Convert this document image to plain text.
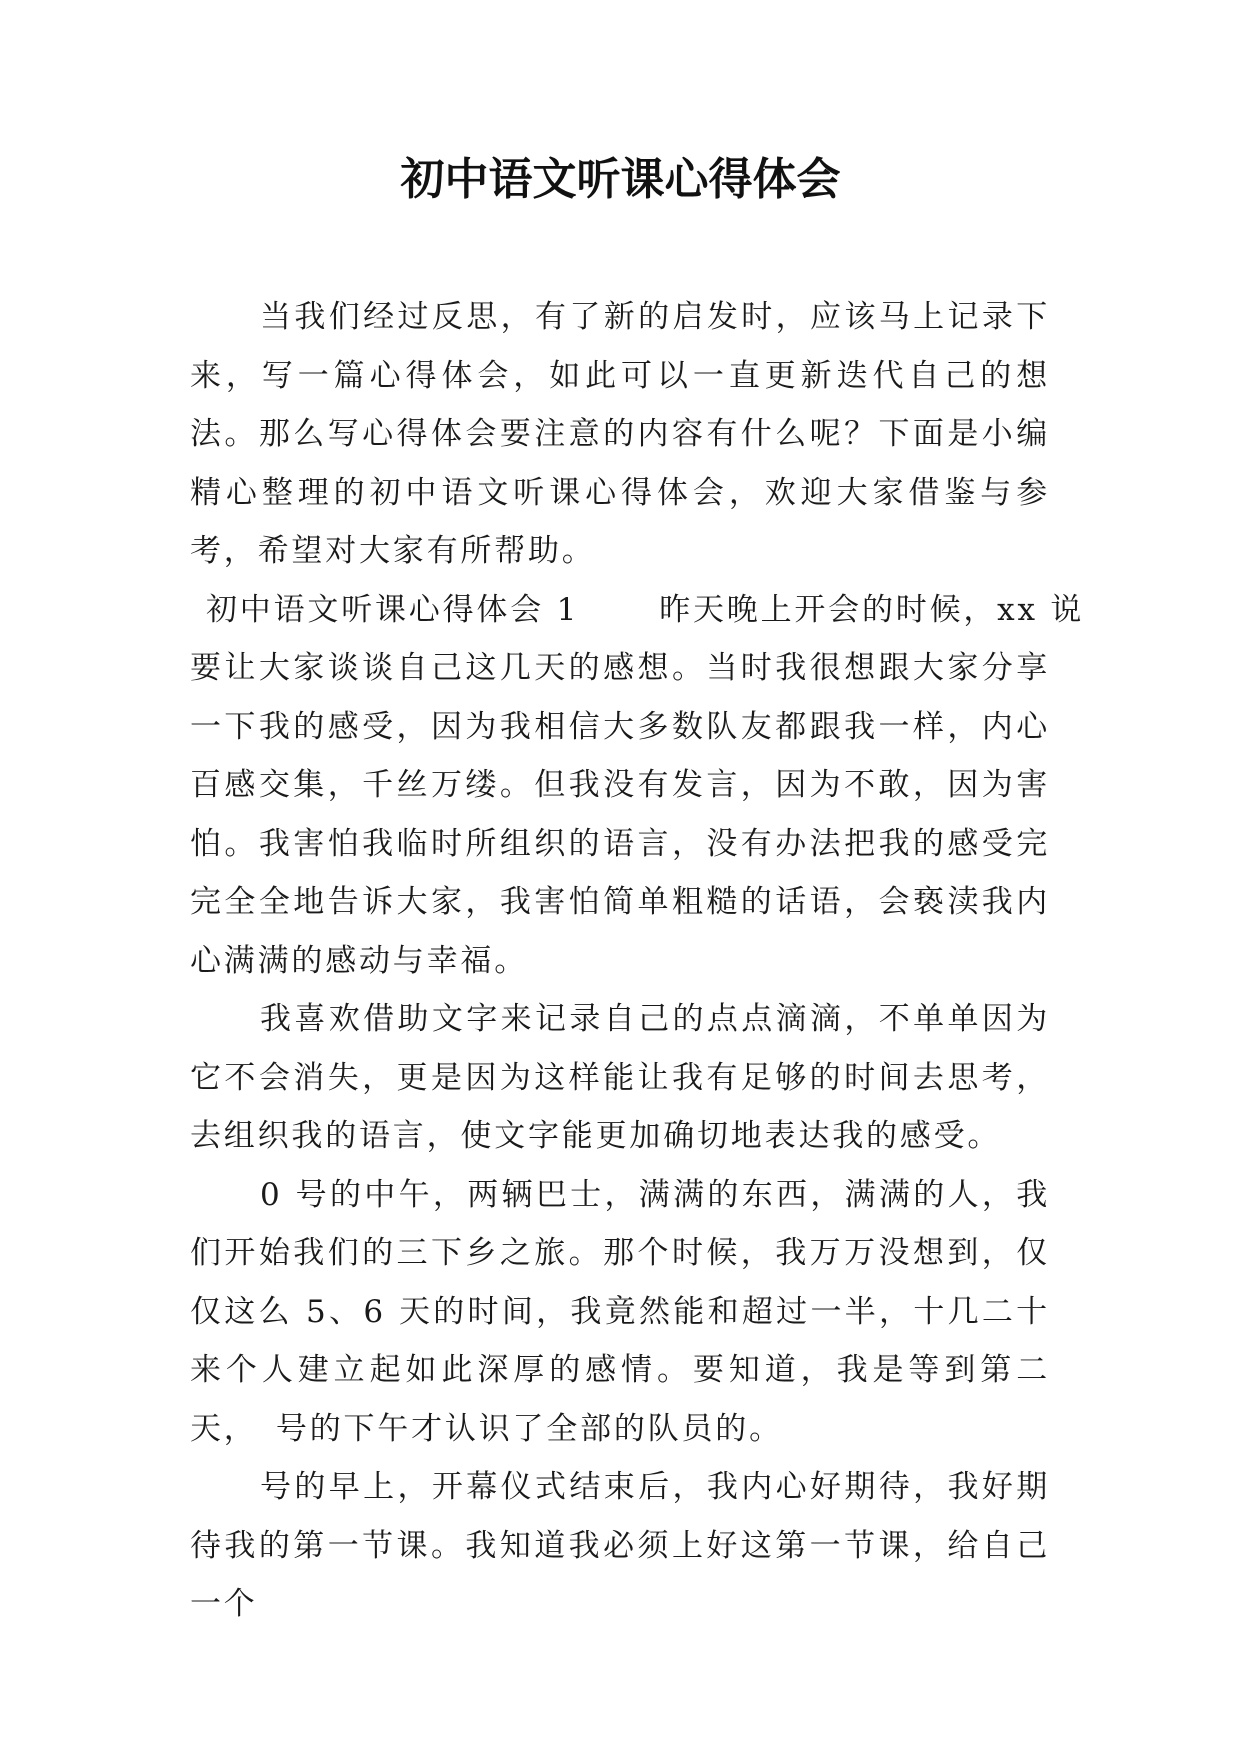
初中语文听课心得体会

当我们经过反思，有了新的启发时，应该马上记录下来，写一篇心得体会，如此可以一直更新迭代自己的想法。那么写心得体会要注意的内容有什么呢？下面是小编精心整理的初中语文听课心得体会，欢迎大家借鉴与参考，希望对大家有所帮助。

初中语文听课心得体会 1	昨天晚上开会的时候，xx 说

要让大家谈谈自己这几天的感想。当时我很想跟大家分享一下我的感受，因为我相信大多数队友都跟我一样，内心百感交集，千丝万缕。但我没有发言，因为不敢，因为害怕。我害怕我临时所组织的语言，没有办法把我的感受完完全全地告诉大家，我害怕简单粗糙的话语，会亵渎我内心满满的感动与幸福。

我喜欢借助文字来记录自己的点点滴滴，不单单因为它不会消失，更是因为这样能让我有足够的时间去思考，去组织我的语言，使文字能更加确切地表达我的感受。

0 号的中午，两辆巴士，满满的东西，满满的人，我们开始我们的三下乡之旅。那个时候，我万万没想到，仅仅这么 5、6 天的时间，我竟然能和超过一半，十几二十来个人建立起如此深厚的感情。要知道，我是等到第二天，　号的下午才认识了全部的队员的。

号的早上，开幕仪式结束后，我内心好期待，我好期待我的第一节课。我知道我必须上好这第一节课，给自己一个
